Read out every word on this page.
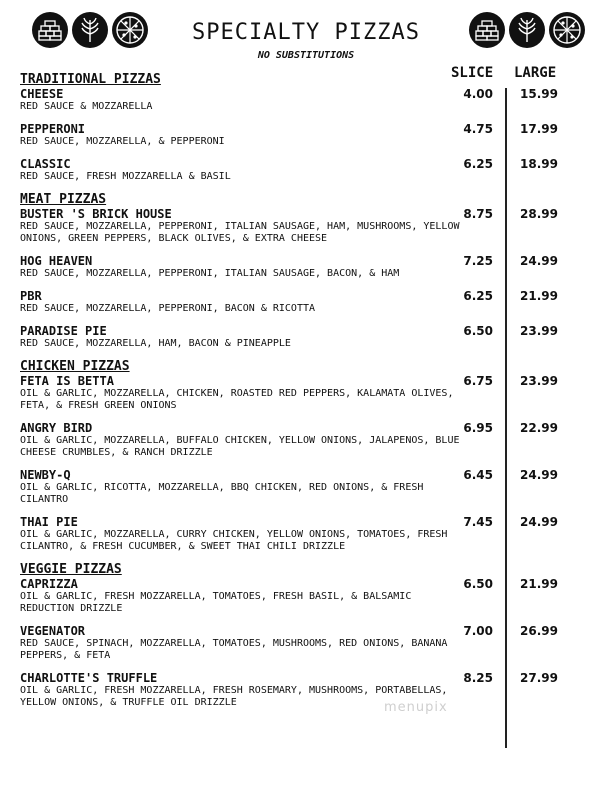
SPECIALTY PIZZAS
NO SUBSTITUTIONS
SLICE LARGE
TRADITIONAL PIZZAS
CHEESE
RED SAUCE & MOZZARELLA
4.00	15.99
PEPPERONI
RED SAUCE, MOZZARELLA, & PEPPERONI
4.75	17.99
CLASSIC
RED SAUCE, FRESH MOZZARELLA & BASIL
6.25	18.99
MEAT PIZZAS
BUSTER 'S BRICK HOUSE
RED SAUCE, MOZZARELLA, PEPPERONI, ITALIAN SAUSAGE, HAM, MUSHROOMS, YELLOW ONIONS, GREEN PEPPERS, BLACK OLIVES, & EXTRA CHEESE
8.75	28.99
HOG HEAVEN
RED SAUCE, MOZZARELLA, PEPPERONI, ITALIAN SAUSAGE, BACON, & HAM
7.25	24.99
PBR
RED SAUCE, MOZZARELLA, PEPPERONI, BACON & RICOTTA
6.25	21.99
PARADISE PIE
RED SAUCE, MOZZARELLA, HAM, BACON & PINEAPPLE
6.50	23.99
CHICKEN PIZZAS
FETA IS BETTA
OIL & GARLIC, MOZZARELLA, CHICKEN, ROASTED RED PEPPERS, KALAMATA OLIVES, FETA, & FRESH GREEN ONIONS
6.75	23.99
ANGRY BIRD
OIL & GARLIC, MOZZARELLA, BUFFALO CHICKEN, YELLOW ONIONS, JALAPENOS, BLUE CHEESE CRUMBLES, & RANCH DRIZZLE
6.95	22.99
NEWBY-Q
OIL & GARLIC, RICOTTA, MOZZARELLA, BBQ CHICKEN, RED ONIONS, & FRESH CILANTRO
6.45	24.99
THAI PIE
OIL & GARLIC, MOZZARELLA, CURRY CHICKEN, YELLOW ONIONS, TOMATOES, FRESH CILANTRO, & FRESH CUCUMBER, & SWEET THAI CHILI DRIZZLE
7.45	24.99
VEGGIE PIZZAS
CAPRIZZA
OIL & GARLIC, FRESH MOZZARELLA, TOMATOES, FRESH BASIL, & BALSAMIC REDUCTION DRIZZLE
6.50	21.99
VEGENATOR
RED SAUCE, SPINACH, MOZZARELLA, TOMATOES, MUSHROOMS, RED ONIONS, BANANA PEPPERS, & FETA
7.00	26.99
CHARLOTTE'S TRUFFLE
OIL & GARLIC, FRESH MOZZARELLA, FRESH ROSEMARY, MUSHROOMS, PORTABELLAS, YELLOW ONIONS, & TRUFFLE OIL DRIZZLE
8.25	27.99
menupix
